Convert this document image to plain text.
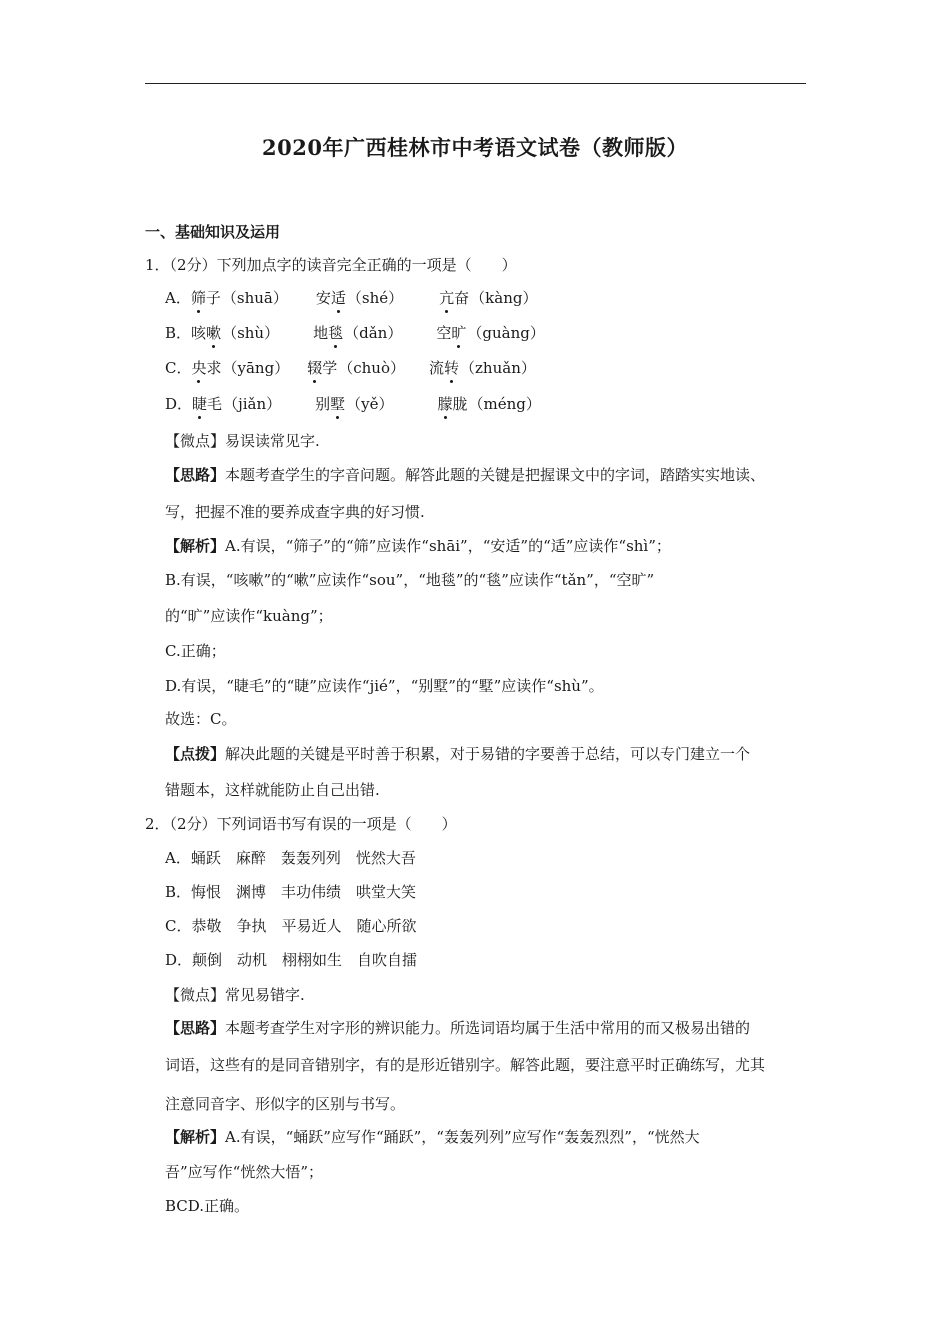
2020年广西桂林市中考语文试卷（教师版）
一、基础知识及运用
1．（2分）下列加点字的读音完全正确的一项是（　　）
A．筛子（shuā） 安适（shé） 亢奋（kàng）
B．咳嗽（shù） 地毯（dǎn） 空旷（guàng）
C．央求（yāng） 辍学（chuò） 流转（zhuǎn）
D．睫毛（jiǎn） 别墅（yě）	朦胧（méng）
【微点】易误读常见字.
【思路】本题考查学生的字音问题。解答此题的关键是把握课文中的字词，踏踏实实地读、
写，把握不准的要养成查字典的好习惯.
【解析】A.有误，“筛子”的“筛”应读作“shāi”，“安适”的“适”应读作“shì”；
B.有误，“咳嗽”的“嗽”应读作“sou”，“地毯”的“毯”应读作“tǎn”，“空旷”
的“旷”应读作“kuàng”；
C.正确；
D.有误，“睫毛”的“睫”应读作“jié”，“别墅”的“墅”应读作“shù”。
故选：C。
【点拨】解决此题的关键是平时善于积累，对于易错的字要善于总结，可以专门建立一个
错题本，这样就能防止自己出错.
2．（2分）下列词语书写有误的一项是（　　）
A．蛹跃　麻醉　轰轰列列　恍然大吾
B．悔恨　渊博　丰功伟绩　哄堂大笑
C．恭敬　争执　平易近人　随心所欲
D．颠倒　动机　栩栩如生　自吹自擂
【微点】常见易错字.
【思路】本题考查学生对字形的辨识能力。所选词语均属于生活中常用的而又极易出错的
词语，这些有的是同音错别字，有的是形近错别字。解答此题，要注意平时正确练写，尤其
注意同音字、形似字的区别与书写。
【解析】A.有误，“蛹跃”应写作“踊跃”，“轰轰列列”应写作“轰轰烈烈”，“恍然大
吾”应写作“恍然大悟”；
BCD.正确。
